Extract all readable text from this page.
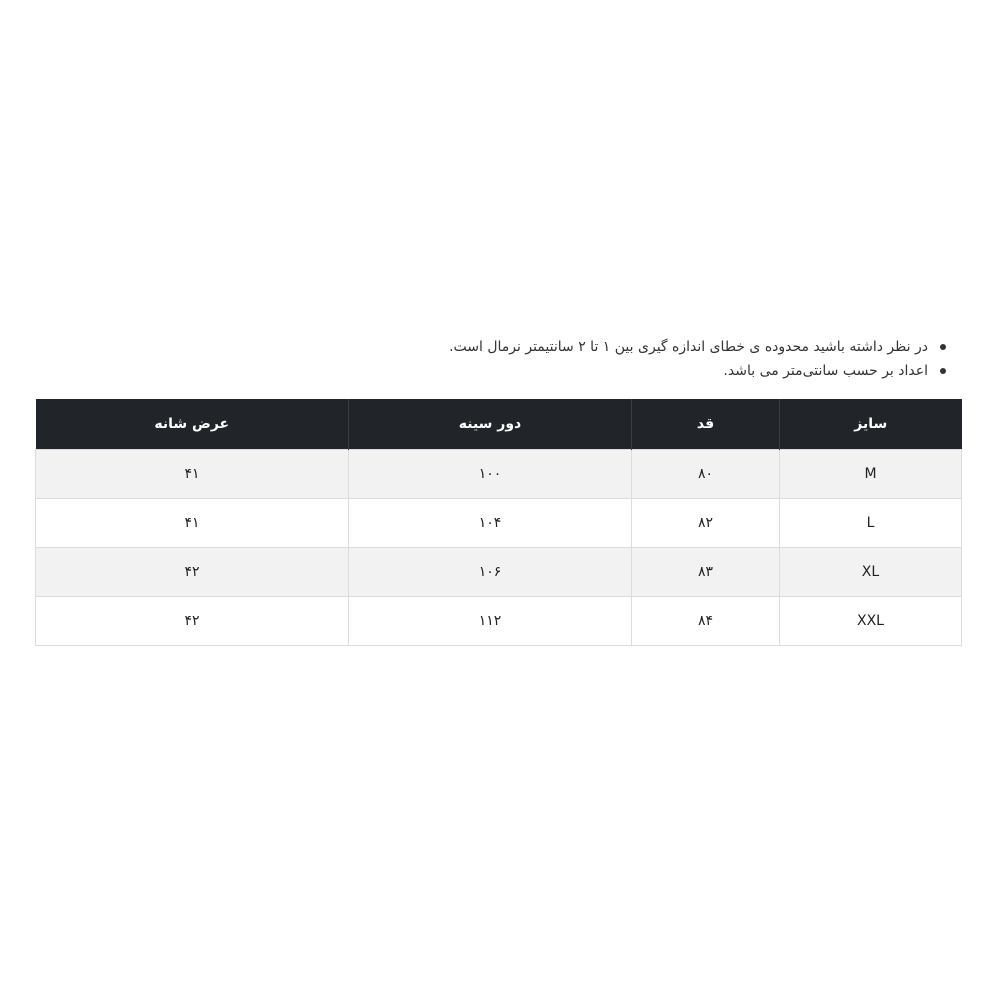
در نظر داشته باشید محدوده ی خطای اندازه گیری بین ۱ تا ۲ سانتیمتر نرمال است.
اعداد بر حسب سانتی‌متر می باشد.
سایز	قد	دور سینه	عرض شانه
M	۸۰	۱۰۰	۴۱
L	۸۲	۱۰۴	۴۱
XL	۸۳	۱۰۶	۴۲
XXL	۸۴	۱۱۲	۴۲
